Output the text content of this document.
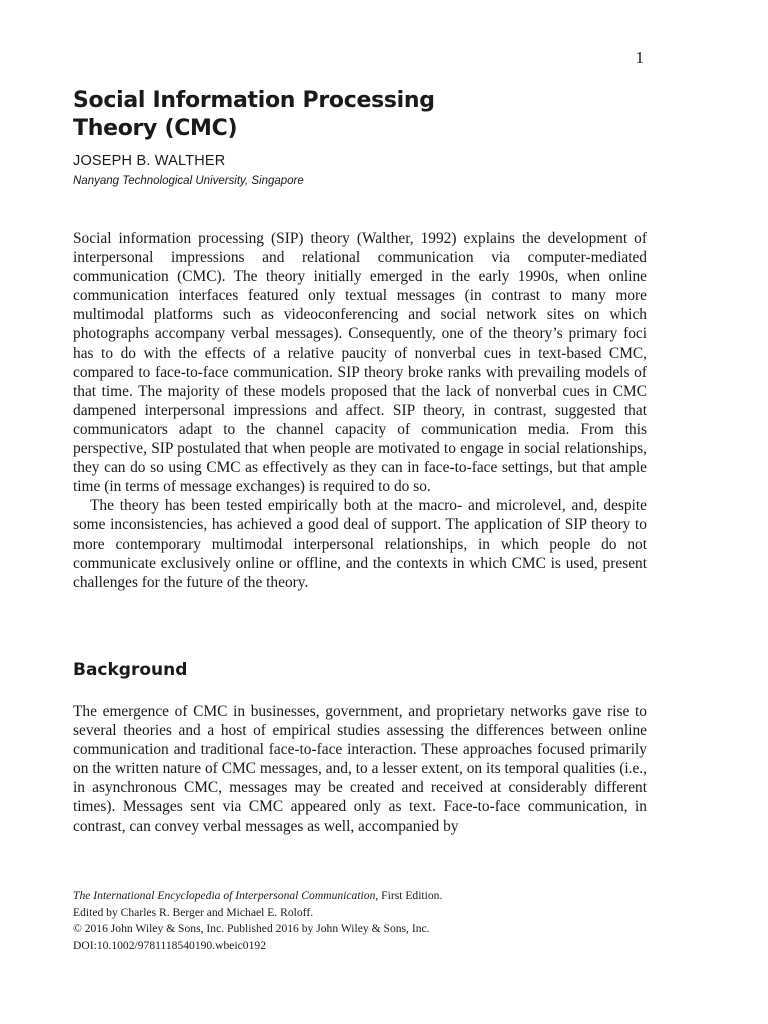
1
Social Information Processing
Theory (CMC)
JOSEPH B. WALTHER
Nanyang Technological University, Singapore

Social information processing (SIP) theory (Walther, 1992) explains the development of interpersonal impressions and relational communication via computer-mediated communication (CMC). The theory initially emerged in the early 1990s, when online communication interfaces featured only textual messages (in contrast to many more multimodal platforms such as videoconferencing and social network sites on which photographs accompany verbal messages). Consequently, one of the theory’s primary foci has to do with the effects of a relative paucity of nonverbal cues in text-based CMC, compared to face-to-face communication. SIP theory broke ranks with prevailing models of that time. The majority of these models proposed that the lack of nonverbal cues in CMC dampened interpersonal impressions and affect. SIP theory, in contrast, suggested that communicators adapt to the channel capacity of communication media. From this perspective, SIP postulated that when people are motivated to engage in social relationships, they can do so using CMC as effectively as they can in face-to-face settings, but that ample time (in terms of message exchanges) is required to do so.

The theory has been tested empirically both at the macro- and microlevel, and, despite some inconsistencies, has achieved a good deal of support. The application of SIP theory to more contemporary multimodal interpersonal relationships, in which people do not communicate exclusively online or offline, and the contexts in which CMC is used, present challenges for the future of the theory.

Background

The emergence of CMC in businesses, government, and proprietary networks gave rise to several theories and a host of empirical studies assessing the differences between online communication and traditional face-to-face interaction. These approaches focused primarily on the written nature of CMC messages, and, to a lesser extent, on its temporal qualities (i.e., in asynchronous CMC, messages may be created and received at considerably different times). Messages sent via CMC appeared only as text. Face-to-face communication, in contrast, can convey verbal messages as well, accompanied by

The International Encyclopedia of Interpersonal Communication, First Edition.
Edited by Charles R. Berger and Michael E. Roloff.
© 2016 John Wiley & Sons, Inc. Published 2016 by John Wiley & Sons, Inc.
DOI:10.1002/9781118540190.wbeic0192
